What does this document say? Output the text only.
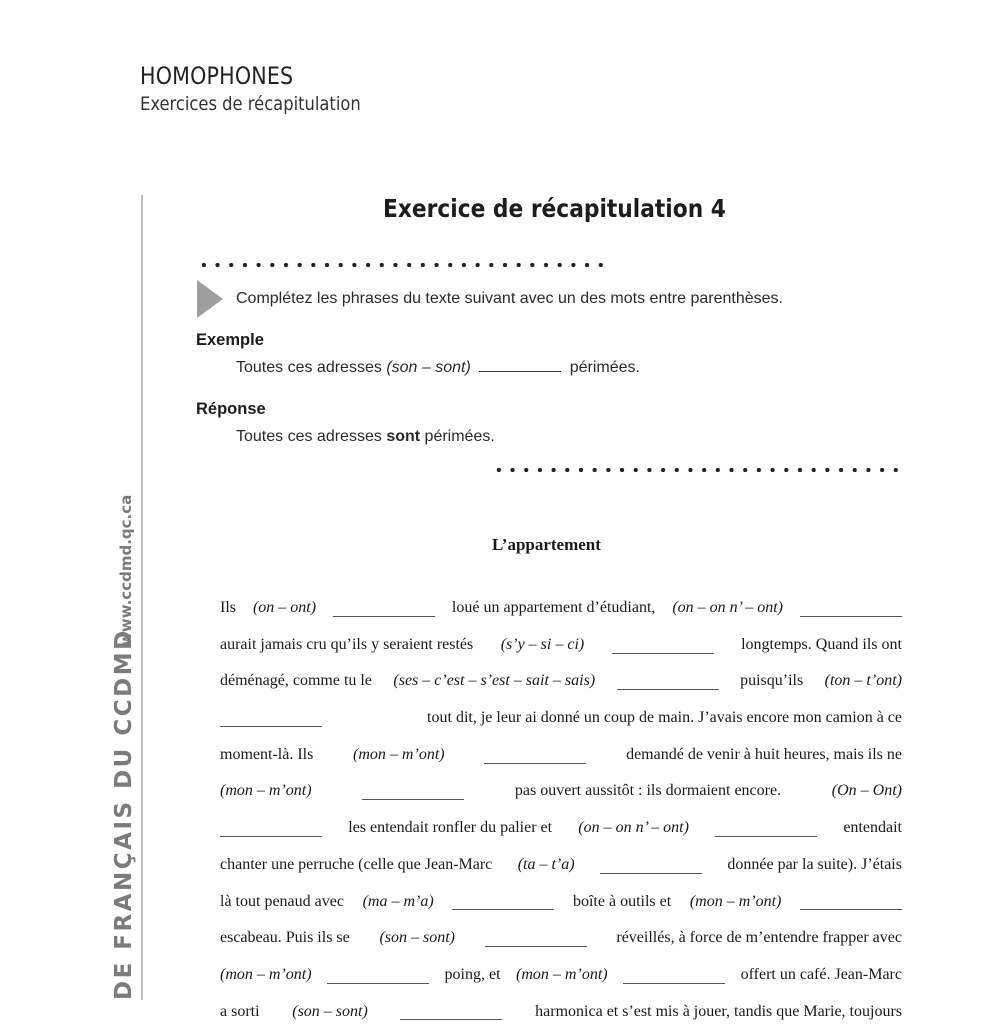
HOMOPHONES
Exercices de récapitulation
DE FRANÇAIS DU CCDMD
www.ccdmd.qc.ca
Exercice de récapitulation 4
Complétez les phrases du texte suivant avec un des mots entre parenthèses.
Exemple
Toutes ces adresses (son – sont)	périmées.
Réponse
Toutes ces adresses sont périmées.
L’appartement
Ils (on – ont)	loué un appartement d’étudiant, (on – on n’ – ont)
aurait jamais cru qu’ils y seraient restés (s’y – si – ci)	longtemps. Quand ils ont
déménagé, comme tu le (ses – c’est – s’est – sait – sais)	puisqu’ils (ton – t’ont)
tout dit, je leur ai donné un coup de main. J’avais encore mon camion à ce
moment-là. Ils (mon – m’ont)	demandé de venir à huit heures, mais ils ne
(mon – m’ont)	pas ouvert aussitôt : ils dormaient encore.	(On – Ont)
les entendait ronfler du palier et (on – on n’ – ont)	entendait
chanter une perruche (celle que Jean-Marc (ta – t’a)	donnée par la suite). J’étais
là tout penaud avec (ma – m’a)	boîte à outils et (mon – m’ont)
escabeau. Puis ils se (son – sont)	réveillés, à force de m’entendre frapper avec
(mon – m’ont)	poing, et (mon – m’ont)	offert un café. Jean-Marc
a sorti (son – sont)	harmonica et s’est mis à jouer, tandis que Marie, toujours
